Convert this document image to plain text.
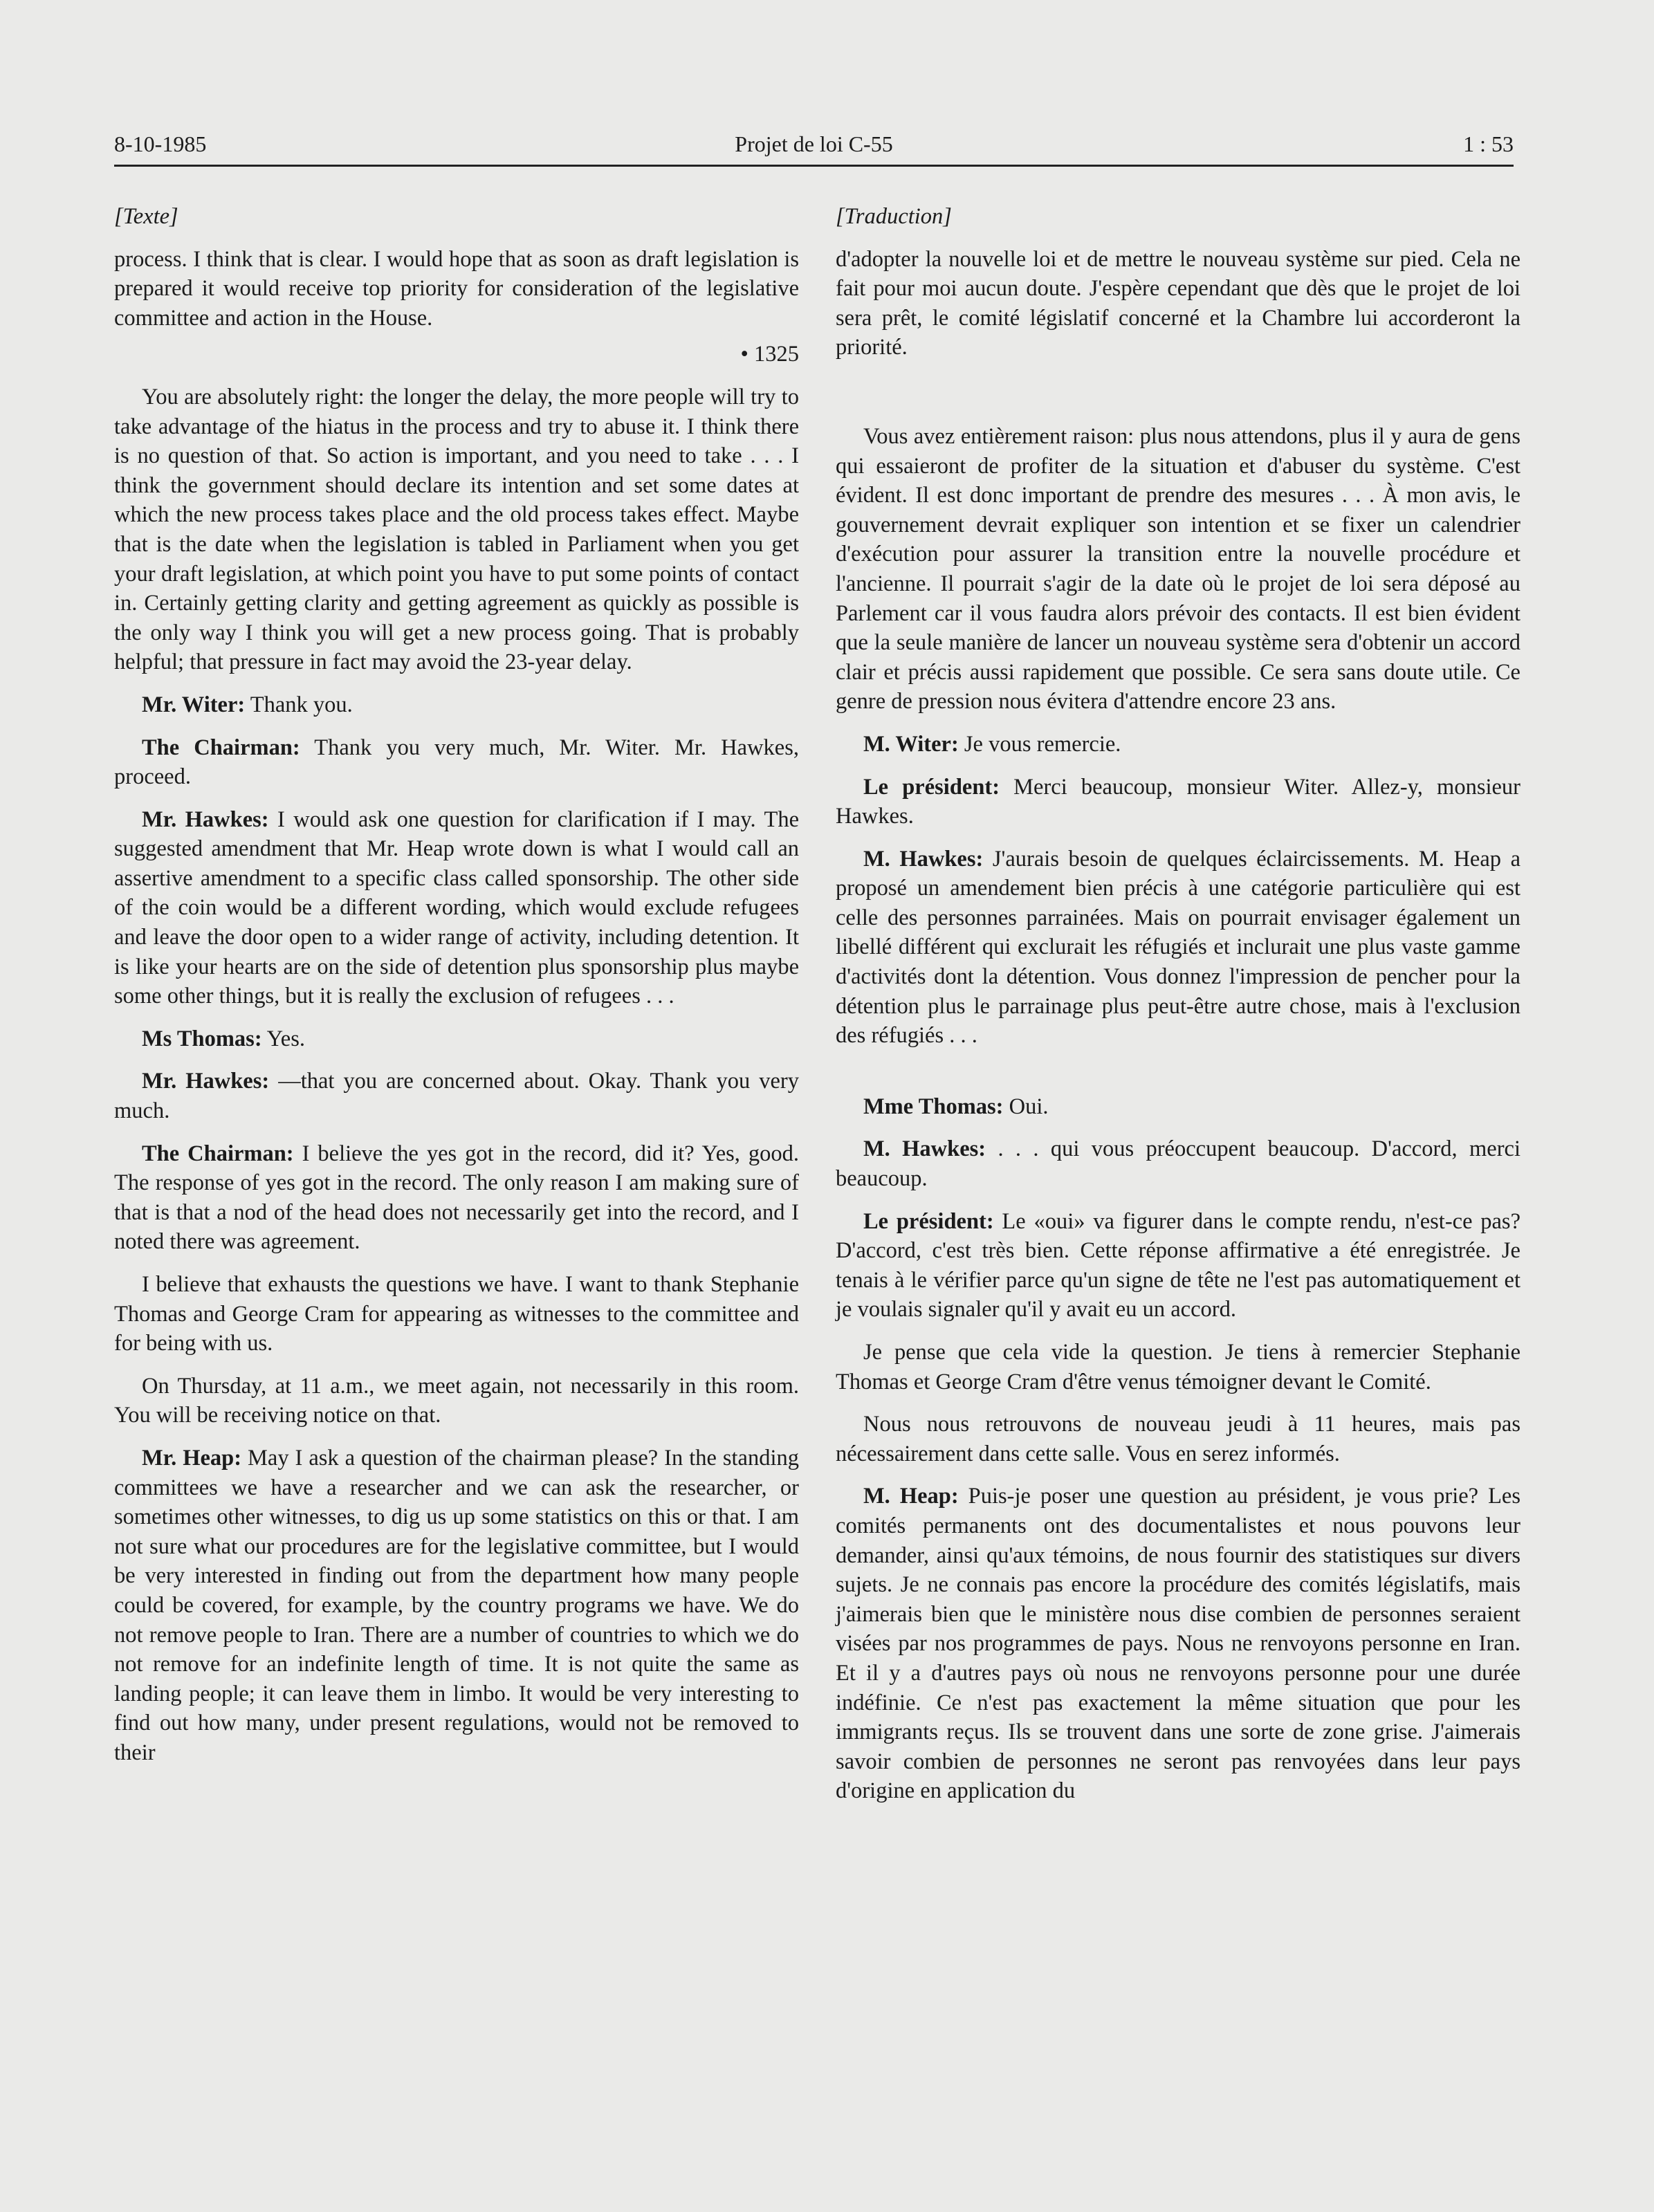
8-10-1985	Projet de loi C-55	1 : 53

[Texte]

process. I think that is clear. I would hope that as soon as draft legislation is prepared it would receive top priority for consideration of the legislative committee and action in the House.

• 1325

You are absolutely right: the longer the delay, the more people will try to take advantage of the hiatus in the process and try to abuse it. I think there is no question of that. So action is important, and you need to take . . . I think the government should declare its intention and set some dates at which the new process takes place and the old process takes effect. Maybe that is the date when the legislation is tabled in Parliament when you get your draft legislation, at which point you have to put some points of contact in. Certainly getting clarity and getting agreement as quickly as possible is the only way I think you will get a new process going. That is probably helpful; that pressure in fact may avoid the 23-year delay.

Mr. Witer: Thank you.

The Chairman: Thank you very much, Mr. Witer. Mr. Hawkes, proceed.

Mr. Hawkes: I would ask one question for clarification if I may. The suggested amendment that Mr. Heap wrote down is what I would call an assertive amendment to a specific class called sponsorship. The other side of the coin would be a different wording, which would exclude refugees and leave the door open to a wider range of activity, including detention. It is like your hearts are on the side of detention plus sponsorship plus maybe some other things, but it is really the exclusion of refugees . . .

Ms Thomas: Yes.

Mr. Hawkes: —that you are concerned about. Okay. Thank you very much.

The Chairman: I believe the yes got in the record, did it? Yes, good. The response of yes got in the record. The only reason I am making sure of that is that a nod of the head does not necessarily get into the record, and I noted there was agreement.

I believe that exhausts the questions we have. I want to thank Stephanie Thomas and George Cram for appearing as witnesses to the committee and for being with us.

On Thursday, at 11 a.m., we meet again, not necessarily in this room. You will be receiving notice on that.

Mr. Heap: May I ask a question of the chairman please? In the standing committees we have a researcher and we can ask the researcher, or sometimes other witnesses, to dig us up some statistics on this or that. I am not sure what our procedures are for the legislative committee, but I would be very interested in finding out from the department how many people could be covered, for example, by the country programs we have. We do not remove people to Iran. There are a number of countries to which we do not remove for an indefinite length of time. It is not quite the same as landing people; it can leave them in limbo. It would be very interesting to find out how many, under present regulations, would not be removed to their

[Traduction]

d'adopter la nouvelle loi et de mettre le nouveau système sur pied. Cela ne fait pour moi aucun doute. J'espère cependant que dès que le projet de loi sera prêt, le comité législatif concerné et la Chambre lui accorderont la priorité.

Vous avez entièrement raison: plus nous attendons, plus il y aura de gens qui essaieront de profiter de la situation et d'abuser du système. C'est évident. Il est donc important de prendre des mesures . . . À mon avis, le gouvernement devrait expliquer son intention et se fixer un calendrier d'exécution pour assurer la transition entre la nouvelle procédure et l'ancienne. Il pourrait s'agir de la date où le projet de loi sera déposé au Parlement car il vous faudra alors prévoir des contacts. Il est bien évident que la seule manière de lancer un nouveau système sera d'obtenir un accord clair et précis aussi rapidement que possible. Ce sera sans doute utile. Ce genre de pression nous évitera d'attendre encore 23 ans.

M. Witer: Je vous remercie.

Le président: Merci beaucoup, monsieur Witer. Allez-y, monsieur Hawkes.

M. Hawkes: J'aurais besoin de quelques éclaircissements. M. Heap a proposé un amendement bien précis à une catégorie particulière qui est celle des personnes parrainées. Mais on pourrait envisager également un libellé différent qui exclurait les réfugiés et inclurait une plus vaste gamme d'activités dont la détention. Vous donnez l'impression de pencher pour la détention plus le parrainage plus peut-être autre chose, mais à l'exclusion des réfugiés . . .

Mme Thomas: Oui.

M. Hawkes: . . . qui vous préoccupent beaucoup. D'accord, merci beaucoup.

Le président: Le «oui» va figurer dans le compte rendu, n'est-ce pas? D'accord, c'est très bien. Cette réponse affirmative a été enregistrée. Je tenais à le vérifier parce qu'un signe de tête ne l'est pas automatiquement et je voulais signaler qu'il y avait eu un accord.

Je pense que cela vide la question. Je tiens à remercier Stephanie Thomas et George Cram d'être venus témoigner devant le Comité.

Nous nous retrouvons de nouveau jeudi à 11 heures, mais pas nécessairement dans cette salle. Vous en serez informés.

M. Heap: Puis-je poser une question au président, je vous prie? Les comités permanents ont des documentalistes et nous pouvons leur demander, ainsi qu'aux témoins, de nous fournir des statistiques sur divers sujets. Je ne connais pas encore la procédure des comités législatifs, mais j'aimerais bien que le ministère nous dise combien de personnes seraient visées par nos programmes de pays. Nous ne renvoyons personne en Iran. Et il y a d'autres pays où nous ne renvoyons personne pour une durée indéfinie. Ce n'est pas exactement la même situation que pour les immigrants reçus. Ils se trouvent dans une sorte de zone grise. J'aimerais savoir combien de personnes ne seront pas renvoyées dans leur pays d'origine en application du
